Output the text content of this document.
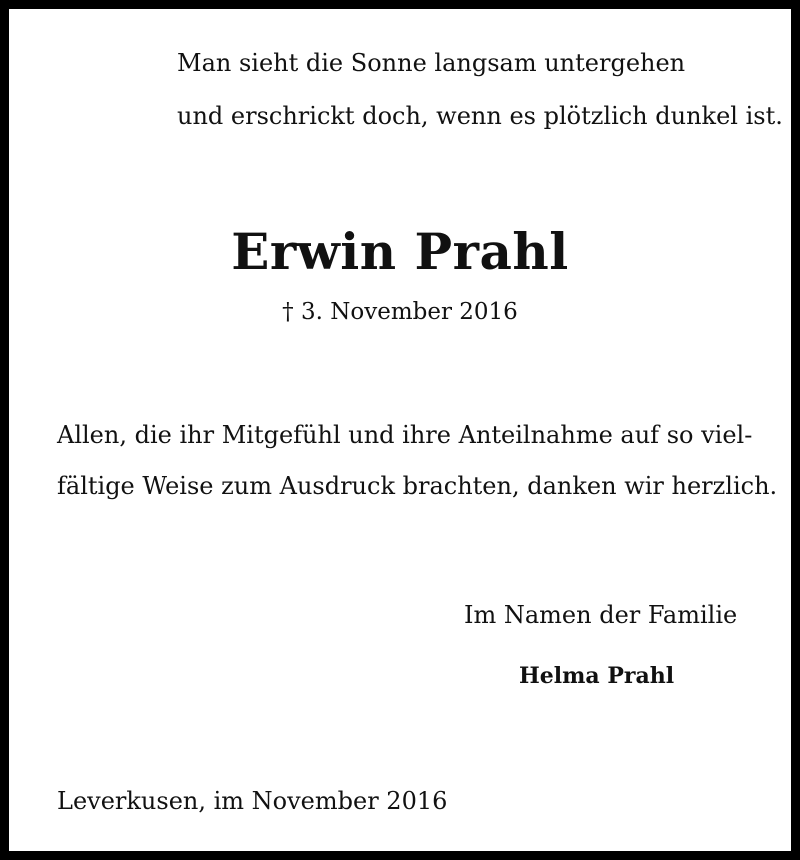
Man sieht die Sonne langsam untergehen

und erschrickt doch, wenn es plötzlich dunkel ist.

Erwin Prahl

† 3. November 2016

Allen, die ihr Mitgefühl und ihre Anteilnahme auf so viel-

fältige Weise zum Ausdruck brachten, danken wir herzlich.

Im Namen der Familie

Helma Prahl

Leverkusen, im November 2016
